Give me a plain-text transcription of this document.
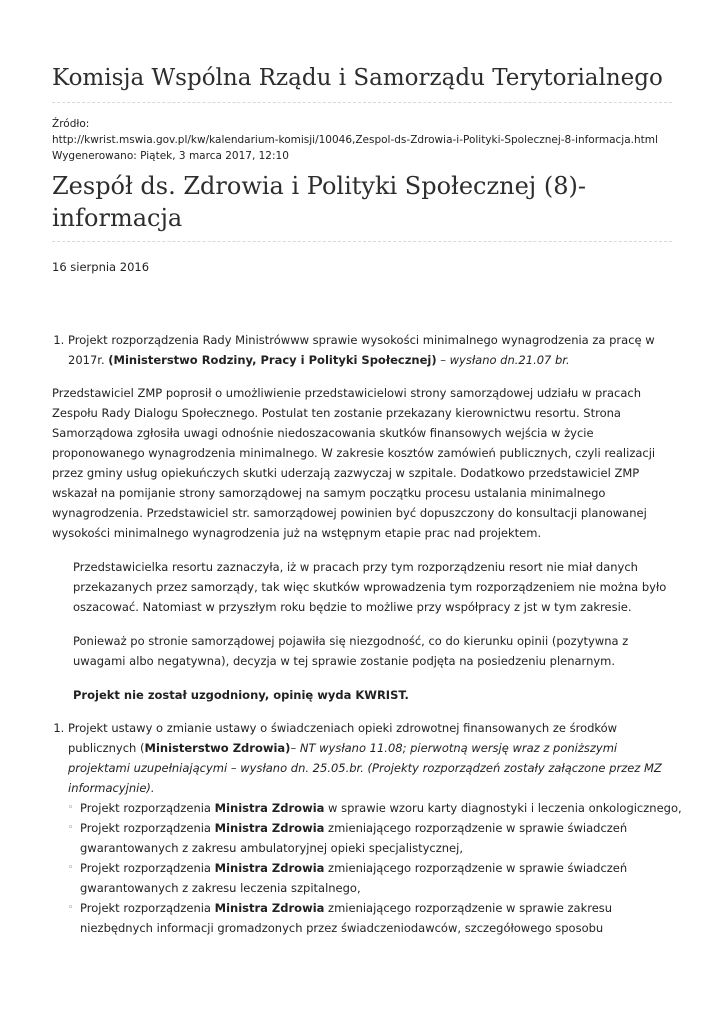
Komisja Wspólna Rządu i Samorządu Terytorialnego
Źródło:
http://kwrist.mswia.gov.pl/kw/kalendarium-komisji/10046,Zespol-ds-Zdrowia-i-Polityki-Spolecznej-8-informacja.html
Wygenerowano: Piątek, 3 marca 2017, 12:10
Zespół ds. Zdrowia i Polityki Społecznej (8)-informacja
16 sierpnia 2016
1. Projekt rozporządzenia Rady Ministrówww sprawie wysokości minimalnego wynagrodzenia za pracę w 2017r. (Ministerstwo Rodziny, Pracy i Polityki Społecznej) – wysłano dn.21.07 br.

Przedstawiciel ZMP poprosił o umożliwienie przedstawicielowi strony samorządowej udziału w pracach Zespołu Rady Dialogu Społecznego. Postulat ten zostanie przekazany kierownictwu resortu. Strona Samorządowa zgłosiła uwagi odnośnie niedoszacowania skutków finansowych wejścia w życie proponowanego wynagrodzenia minimalnego. W zakresie kosztów zamówień publicznych, czyli realizacji przez gminy usług opiekuńczych skutki uderzają zazwyczaj w szpitale. Dodatkowo przedstawiciel ZMP wskazał na pomijanie strony samorządowej na samym początku procesu ustalania minimalnego wynagrodzenia. Przedstawiciel str. samorządowej powinien być dopuszczony do konsultacji planowanej wysokości minimalnego wynagrodzenia już na wstępnym etapie prac nad projektem.

Przedstawicielka resortu zaznaczyła, iż w pracach przy tym rozporządzeniu resort nie miał danych przekazanych przez samorządy, tak więc skutków wprowadzenia tym rozporządzeniem nie można było oszacować. Natomiast w przyszłym roku będzie to możliwe przy współpracy z jst w tym zakresie.

Ponieważ po stronie samorządowej pojawiła się niezgodność, co do kierunku opinii (pozytywna z uwagami albo negatywna), decyzja w tej sprawie zostanie podjęta na posiedzeniu plenarnym.

Projekt nie został uzgodniony, opinię wyda KWRIST.

1. Projekt ustawy o zmianie ustawy o świadczeniach opieki zdrowotnej finansowanych ze środków publicznych (Ministerstwo Zdrowia)– NT wysłano 11.08; pierwotną wersję wraz z poniższymi projektami uzupełniającymi – wysłano dn. 25.05.br. (Projekty rozporządzeń zostały załączone przez MZ informacyjnie).
◦ Projekt rozporządzenia Ministra Zdrowia w sprawie wzoru karty diagnostyki i leczenia onkologicznego,
◦ Projekt rozporządzenia Ministra Zdrowia zmieniającego rozporządzenie w sprawie świadczeń gwarantowanych z zakresu ambulatoryjnej opieki specjalistycznej,
◦ Projekt rozporządzenia Ministra Zdrowia zmieniającego rozporządzenie w sprawie świadczeń gwarantowanych z zakresu leczenia szpitalnego,
◦ Projekt rozporządzenia Ministra Zdrowia zmieniającego rozporządzenie w sprawie zakresu niezbędnych informacji gromadzonych przez świadczeniodawców, szczegółowego sposobu
